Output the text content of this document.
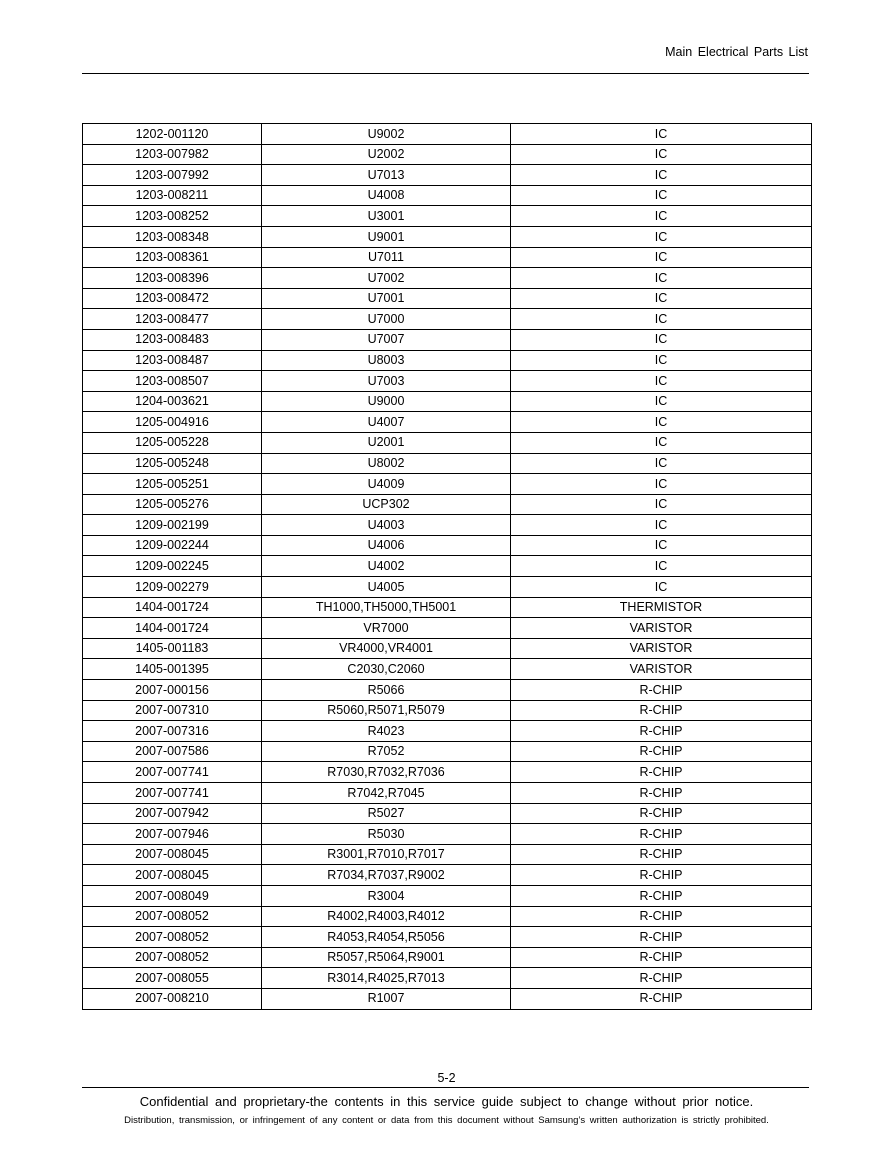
Main Electrical Parts List
1202-001120	U9002	IC
1203-007982	U2002	IC
1203-007992	U7013	IC
1203-008211	U4008	IC
1203-008252	U3001	IC
1203-008348	U9001	IC
1203-008361	U7011	IC
1203-008396	U7002	IC
1203-008472	U7001	IC
1203-008477	U7000	IC
1203-008483	U7007	IC
1203-008487	U8003	IC
1203-008507	U7003	IC
1204-003621	U9000	IC
1205-004916	U4007	IC
1205-005228	U2001	IC
1205-005248	U8002	IC
1205-005251	U4009	IC
1205-005276	UCP302	IC
1209-002199	U4003	IC
1209-002244	U4006	IC
1209-002245	U4002	IC
1209-002279	U4005	IC
1404-001724	TH1000,TH5000,TH5001	THERMISTOR
1404-001724	VR7000	VARISTOR
1405-001183	VR4000,VR4001	VARISTOR
1405-001395	C2030,C2060	VARISTOR
2007-000156	R5066	R-CHIP
2007-007310	R5060,R5071,R5079	R-CHIP
2007-007316	R4023	R-CHIP
2007-007586	R7052	R-CHIP
2007-007741	R7030,R7032,R7036	R-CHIP
2007-007741	R7042,R7045	R-CHIP
2007-007942	R5027	R-CHIP
2007-007946	R5030	R-CHIP
2007-008045	R3001,R7010,R7017	R-CHIP
2007-008045	R7034,R7037,R9002	R-CHIP
2007-008049	R3004	R-CHIP
2007-008052	R4002,R4003,R4012	R-CHIP
2007-008052	R4053,R4054,R5056	R-CHIP
2007-008052	R5057,R5064,R9001	R-CHIP
2007-008055	R3014,R4025,R7013	R-CHIP
2007-008210	R1007	R-CHIP
5-2
Confidential and proprietary-the contents in this service guide subject to change without prior notice.
Distribution, transmission, or infringement of any content or data from this document without Samsung’s written authorization is strictly prohibited.
